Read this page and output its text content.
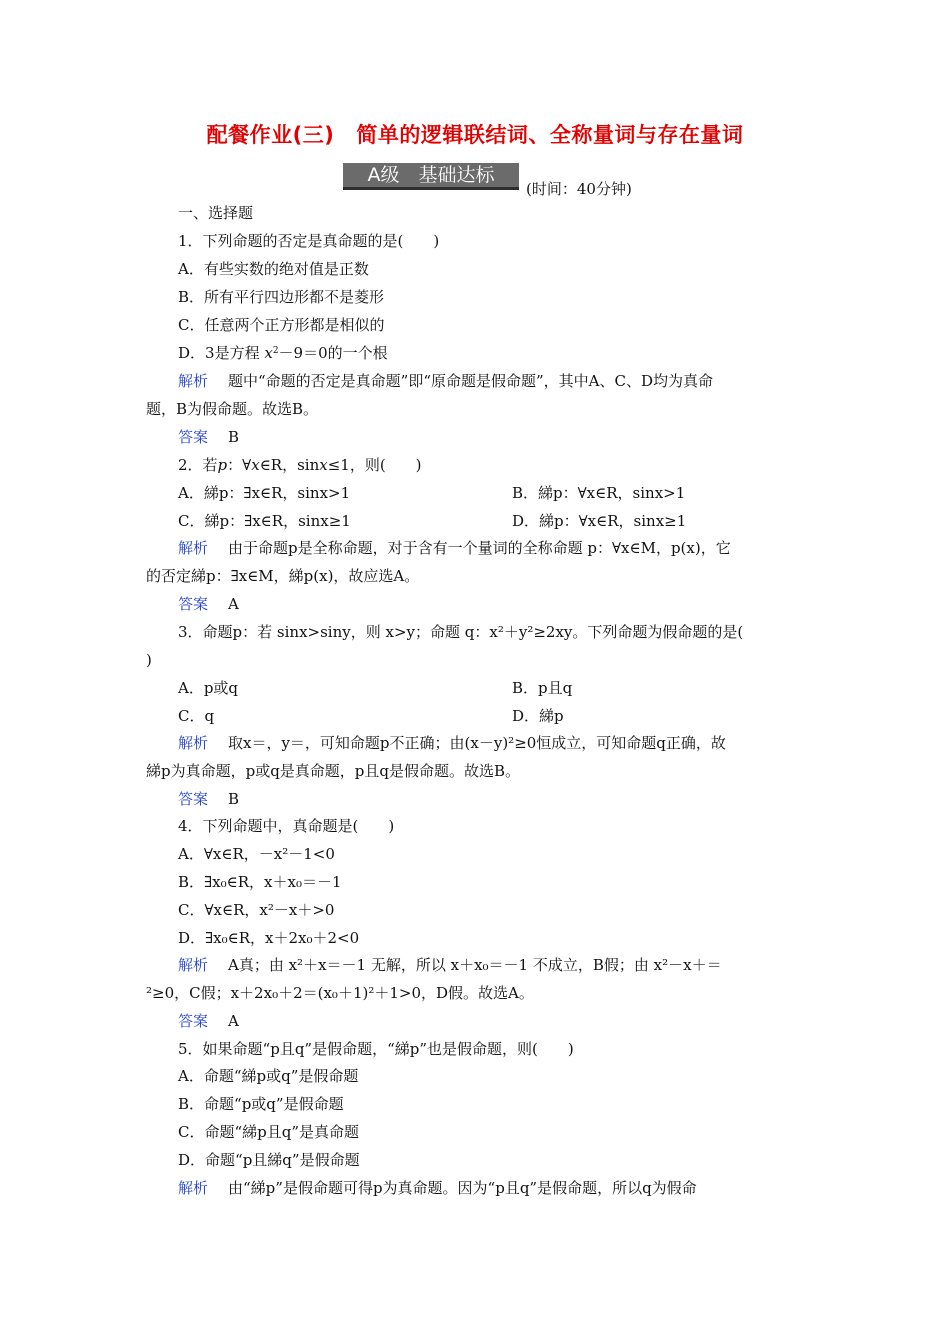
配餐作业(三) 简单的逻辑联结词、全称量词与存在量词
A级　基础达标
(时间：40分钟)
一、选择题
1．下列命题的否定是真命题的是(　　)
A．有些实数的绝对值是正数
B．所有平行四边形都不是菱形
C．任意两个正方形都是相似的
D．3是方程 $x^2-9=0$的一个根
解析 题中“命题的否定是真命题”即“原命题是假命题”，其中A、C、D均为真命
题，B为假命题。故选B。
答案 B
2．若p：∀x∈R，sinx≤1，则(　　)
A．綈p：∃x∈R，sinx>1	B．綈p：∀x∈R，sinx>1
C．綈p：∃x∈R，sinx≥1	D．綈p：∀x∈R，sinx≥1
解析 由于命题p是全称命题，对于含有一个量词的全称命题 p：∀x∈M，p(x)，它
的否定綈p：∃x∈M，綈p(x)，故应选A。
答案 A
3．命题p：若 sinx>siny，则 x>y；命题 q：x²＋y²≥2xy。下列命题为假命题的是(
)
A．p或q	B．p且q
C．q	D．綈p
解析 取x＝，y＝，可知命题p不正确；由(x－y)²≥0恒成立，可知命题q正确，故
綈p为真命题，p或q是真命题，p且q是假命题。故选B。
答案 B
4．下列命题中，真命题是(　　)
A．∀x∈R，－x²－1<0
B．∃x₀∈R，x＋x₀＝－1
C．∀x∈R，x²－x＋>0
D．∃x₀∈R，x＋2x₀＋2<0
解析 A真；由 x²＋x＝－1 无解，所以 x＋x₀＝－1 不成立，B假；由 x²－x＋＝
²≥0，C假；x＋2x₀＋2＝(x₀＋1)²＋1>0，D假。故选A。
答案 A
5．如果命题“p且q”是假命题，“綈p”也是假命题，则(　　)
A．命题“綈p或q”是假命题
B．命题“p或q”是假命题
C．命题“綈p且q”是真命题
D．命题“p且綈q”是假命题
解析 由“綈p”是假命题可得p为真命题。因为“p且q”是假命题，所以q为假命
